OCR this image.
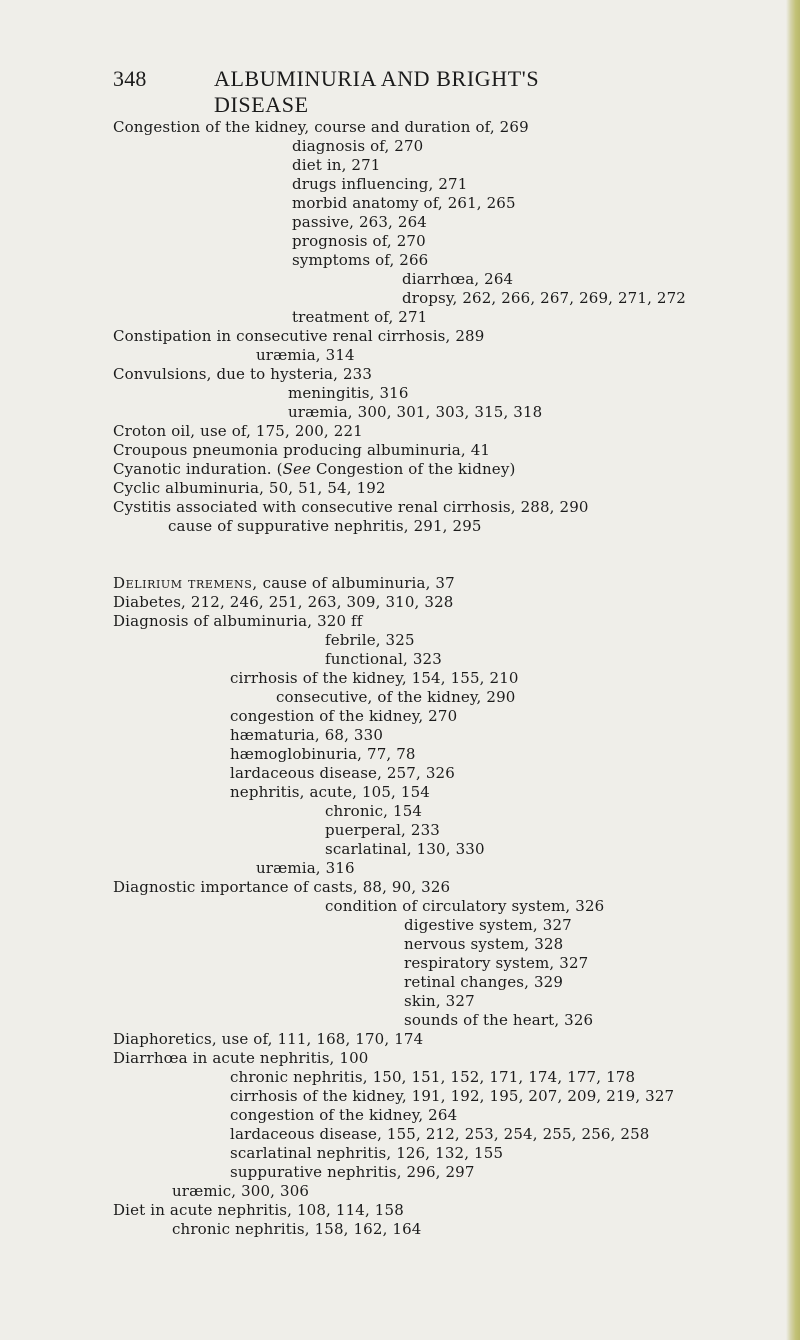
348	ALBUMINURIA AND BRIGHT'S DISEASE
Congestion of the kidney, course and duration of, 269
diagnosis of, 270
diet in, 271
drugs influencing, 271
morbid anatomy of, 261, 265
passive, 263, 264
prognosis of, 270
symptoms of, 266
diarrhœa, 264
dropsy, 262, 266, 267, 269, 271, 272
treatment of, 271
Constipation in consecutive renal cirrhosis, 289
uræmia, 314
Convulsions, due to hysteria, 233
meningitis, 316
uræmia, 300, 301, 303, 315, 318
Croton oil, use of, 175, 200, 221
Croupous pneumonia producing albuminuria, 41
Cyanotic induration. (See Congestion of the kidney)
Cyclic albuminuria, 50, 51, 54, 192
Cystitis associated with consecutive renal cirrhosis, 288, 290
cause of suppurative nephritis, 291, 295
Delirium tremens, cause of albuminuria, 37
Diabetes, 212, 246, 251, 263, 309, 310, 328
Diagnosis of albuminuria, 320 ff
febrile, 325
functional, 323
cirrhosis of the kidney, 154, 155, 210
consecutive, of the kidney, 290
congestion of the kidney, 270
hæmaturia, 68, 330
hæmoglobinuria, 77, 78
lardaceous disease, 257, 326
nephritis, acute, 105, 154
chronic, 154
puerperal, 233
scarlatinal, 130, 330
uræmia, 316
Diagnostic importance of casts, 88, 90, 326
condition of circulatory system, 326
digestive system, 327
nervous system, 328
respiratory system, 327
retinal changes, 329
skin, 327
sounds of the heart, 326
Diaphoretics, use of, 111, 168, 170, 174
Diarrhœa in acute nephritis, 100
chronic nephritis, 150, 151, 152, 171, 174, 177, 178
cirrhosis of the kidney, 191, 192, 195, 207, 209, 219, 327
congestion of the kidney, 264
lardaceous disease, 155, 212, 253, 254, 255, 256, 258
scarlatinal nephritis, 126, 132, 155
suppurative nephritis, 296, 297
uræmic, 300, 306
Diet in acute nephritis, 108, 114, 158
chronic nephritis, 158, 162, 164
